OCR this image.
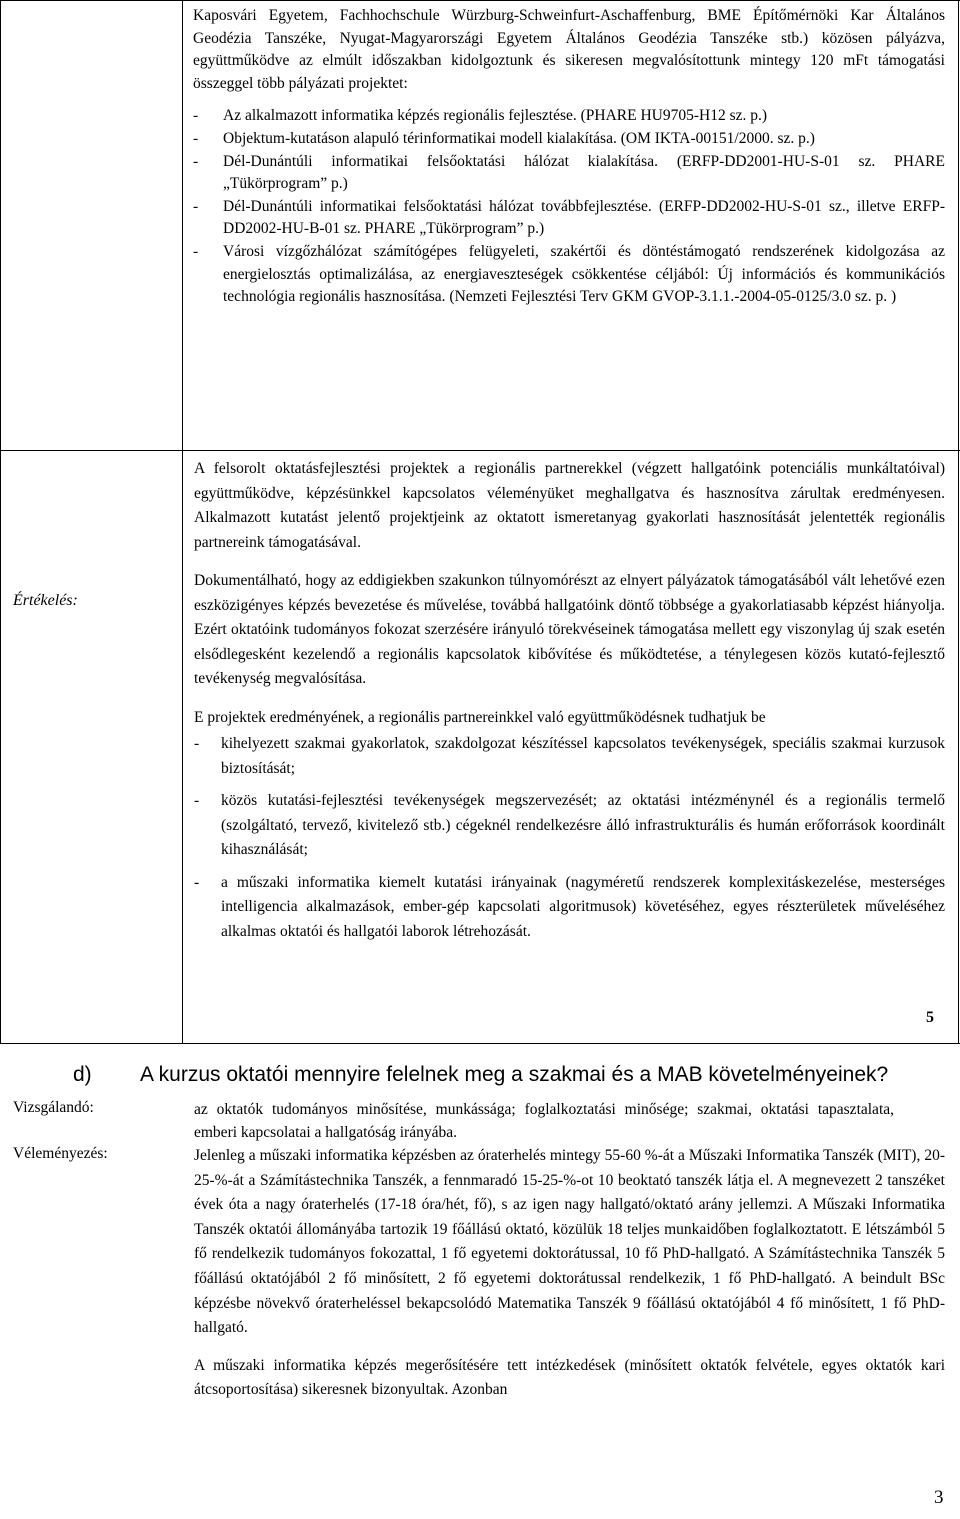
Kaposvári Egyetem, Fachhochschule Würzburg-Schweinfurt-Aschaffenburg, BME Építőmérnöki Kar Általános Geodézia Tanszéke, Nyugat-Magyarországi Egyetem Általános Geodézia Tanszéke stb.) közösen pályázva, együttműködve az elmúlt időszakban kidolgoztunk és sikeresen megvalósítottunk mintegy 120 mFt támogatási összeggel több pályázati projektet:
- Az alkalmazott informatika képzés regionális fejlesztése. (PHARE HU9705-H12 sz. p.)
- Objektum-kutatáson alapuló térinformatikai modell kialakítása. (OM IKTA-00151/2000. sz. p.)
- Dél-Dunántúli informatikai felsőoktatási hálózat kialakítása. (ERFP-DD2001-HU-S-01 sz. PHARE „Tükörprogram” p.)
- Dél-Dunántúli informatikai felsőoktatási hálózat továbbfejlesztése. (ERFP-DD2002-HU-S-01 sz., illetve ERFP-DD2002-HU-B-01 sz. PHARE „Tükörprogram” p.)
- Városi vízgőzhálózat számítógépes felügyeleti, szakértői és döntéstámogató rendszerének kidolgozása az energielosztás optimalizálása, az energiaveszteségek csökkentése céljából: Új információs és kommunikációs technológia regionális hasznosítása. (Nemzeti Fejlesztési Terv GKM GVOP-3.1.1.-2004-05-0125/3.0 sz. p. )
Értékelés:
A felsorolt oktatásfejlesztési projektek a regionális partnerekkel (végzett hallgatóink potenciális munkáltatóival) együttműködve, képzésünkkel kapcsolatos véleményüket meghallgatva és hasznosítva zárultak eredményesen. Alkalmazott kutatást jelentő projektjeink az oktatott ismeretanyag gyakorlati hasznosítását jelentették regionális partnereink támogatásával.
Dokumentálható, hogy az eddigiekben szakunkon túlnyomórészt az elnyert pályázatok támogatásából vált lehetővé ezen eszközigényes képzés bevezetése és művelése, továbbá hallgatóink döntő többsége a gyakorlatiasabb képzést hiányolja. Ezért oktatóink tudományos fokozat szerzésére irányuló törekvéseinek támogatása mellett egy viszonylag új szak esetén elsődlegesként kezelendő a regionális kapcsolatok kibővítése és működtetése, a ténylegesen közös kutató-fejlesztő tevékenység megvalósítása.
E projektek eredményének, a regionális partnereinkkel való együttműködésnek tudhatjuk be
- kihelyezett szakmai gyakorlatok, szakdolgozat készítéssel kapcsolatos tevékenységek, speciális szakmai kurzusok biztosítását;
- közös kutatási-fejlesztési tevékenységek megszervezését; az oktatási intézménynél és a regionális termelő (szolgáltató, tervező, kivitelező stb.) cégeknél rendelkezésre álló infrastrukturális és humán erőforrások koordinált kihasználását;
- a műszaki informatika kiemelt kutatási irányainak (nagyméretű rendszerek komplexitáskezelése, mesterséges intelligencia alkalmazások, ember-gép kapcsolati algoritmusok) követéséhez, egyes részterületek műveléséhez alkalmas oktatói és hallgatói laborok létrehozását.
5
d) A kurzus oktatói mennyire felelnek meg a szakmai és a MAB követelményeinek?
Vizsgálandó:	az oktatók tudományos minősítése, munkássága; foglalkoztatási minősége; szakmai, oktatási tapasztalata, emberi kapcsolatai a hallgatóság irányába.
Véleményezés:	Jelenleg a műszaki informatika képzésben az óraterhelés mintegy 55-60 %-át a Műszaki Informatika Tanszék (MIT), 20-25-%-át a Számítástechnika Tanszék, a fennmaradó 15-25-%-ot 10 beoktató tanszék látja el. A megnevezett 2 tanszéket évek óta a nagy óraterhelés (17-18 óra/hét, fő), s az igen nagy hallgató/oktató arány jellemzi. A Műszaki Informatika Tanszék oktatói állományába tartozik 19 főállású oktató, közülük 18 teljes munkaidőben foglalkoztatott. E létszámból 5 fő rendelkezik tudományos fokozattal, 1 fő egyetemi doktorátussal, 10 fő PhD-hallgató. A Számítástechnika Tanszék 5 főállású oktatójából 2 fő minősített, 2 fő egyetemi doktorátussal rendelkezik, 1 fő PhD-hallgató. A beindult BSc képzésbe növekvő óraterheléssel bekapcsolódó Matematika Tanszék 9 főállású oktatójából 4 fő minősített, 1 fő PhD-hallgató.
A műszaki informatika képzés megerősítésére tett intézkedések (minősített oktatók felvétele, egyes oktatók kari átcsoportosítása) sikeresnek bizonyultak. Azonban
3
